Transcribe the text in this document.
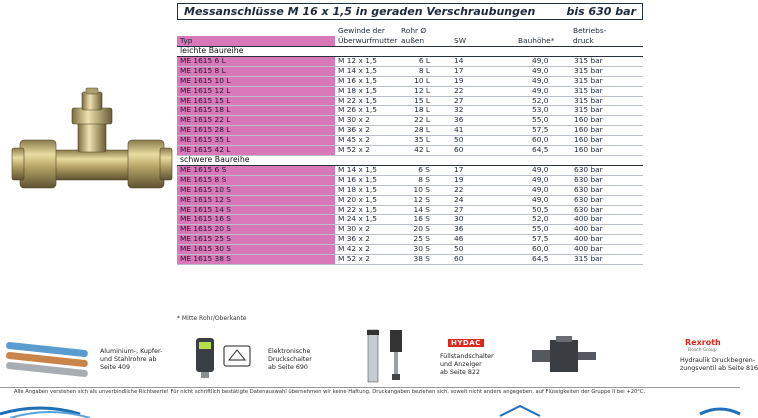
Messanschlüsse M 16 x 1,5 in geraden Verschraubungen	bis 630 bar
	Gewinde der	Rohr Ø			Betriebs-
Typ	Überwurfmutter	außen	SW	Bauhöhe*	druck
leichte Baureihe					
ME 1615 6 L	M 12 x 1,5	6 L	14	49,0	315 bar
ME 1615 8 L	M 14 x 1,5	8 L	17	49,0	315 bar
ME 1615 10 L	M 16 x 1,5	10 L	19	49,0	315 bar
ME 1615 12 L	M 18 x 1,5	12 L	22	49,0	315 bar
ME 1615 15 L	M 22 x 1,5	15 L	27	52,0	315 bar
ME 1615 18 L	M 26 x 1,5	18 L	32	53,0	315 bar
ME 1615 22 L	M 30 x 2	22 L	36	55,0	160 bar
ME 1615 28 L	M 36 x 2	28 L	41	57,5	160 bar
ME 1615 35 L	M 45 x 2	35 L	50	60,0	160 bar
ME 1615 42 L	M 52 x 2	42 L	60	64,5	160 bar
schwere Baureihe					
ME 1615 6 S	M 14 x 1,5	6 S	17	49,0	630 bar
ME 1615 8 S	M 16 x 1,5	8 S	19	49,0	630 bar
ME 1615 10 S	M 18 x 1,5	10 S	22	49,0	630 bar
ME 1615 12 S	M 20 x 1,5	12 S	24	49,0	630 bar
ME 1615 14 S	M 22 x 1,5	14 S	27	50,5	630 bar
ME 1615 16 S	M 24 x 1,5	16 S	30	52,0	400 bar
ME 1615 20 S	M 30 x 2	20 S	36	55,0	400 bar
ME 1615 25 S	M 36 x 2	25 S	46	57,5	400 bar
ME 1615 30 S	M 42 x 2	30 S	50	60,0	400 bar
ME 1615 38 S	M 52 x 2	38 S	60	64,5	315 bar
* Mitte Rohr/Oberkante
Aluminium-, Kupfer-
und Stahlrohre ab
Seite 409
Elektronische
Druckschalter
ab Seite 690
HYDAC
Füllstandschalter
und Anzeiger
ab Seite 822
Rexroth
Bosch Group
Hydraulik Druckbegren-
zungsventil ab Seite 816
Alle Angaben verstehen sich als unverbindliche Richtwerte! Für nicht schriftlich bestätigte Datenauswahl übernehmen wir keine Haftung. Druckangaben beziehen sich, soweit nicht anders angegeben, auf Flüssigkeiten der Gruppe II bei +20°C.
